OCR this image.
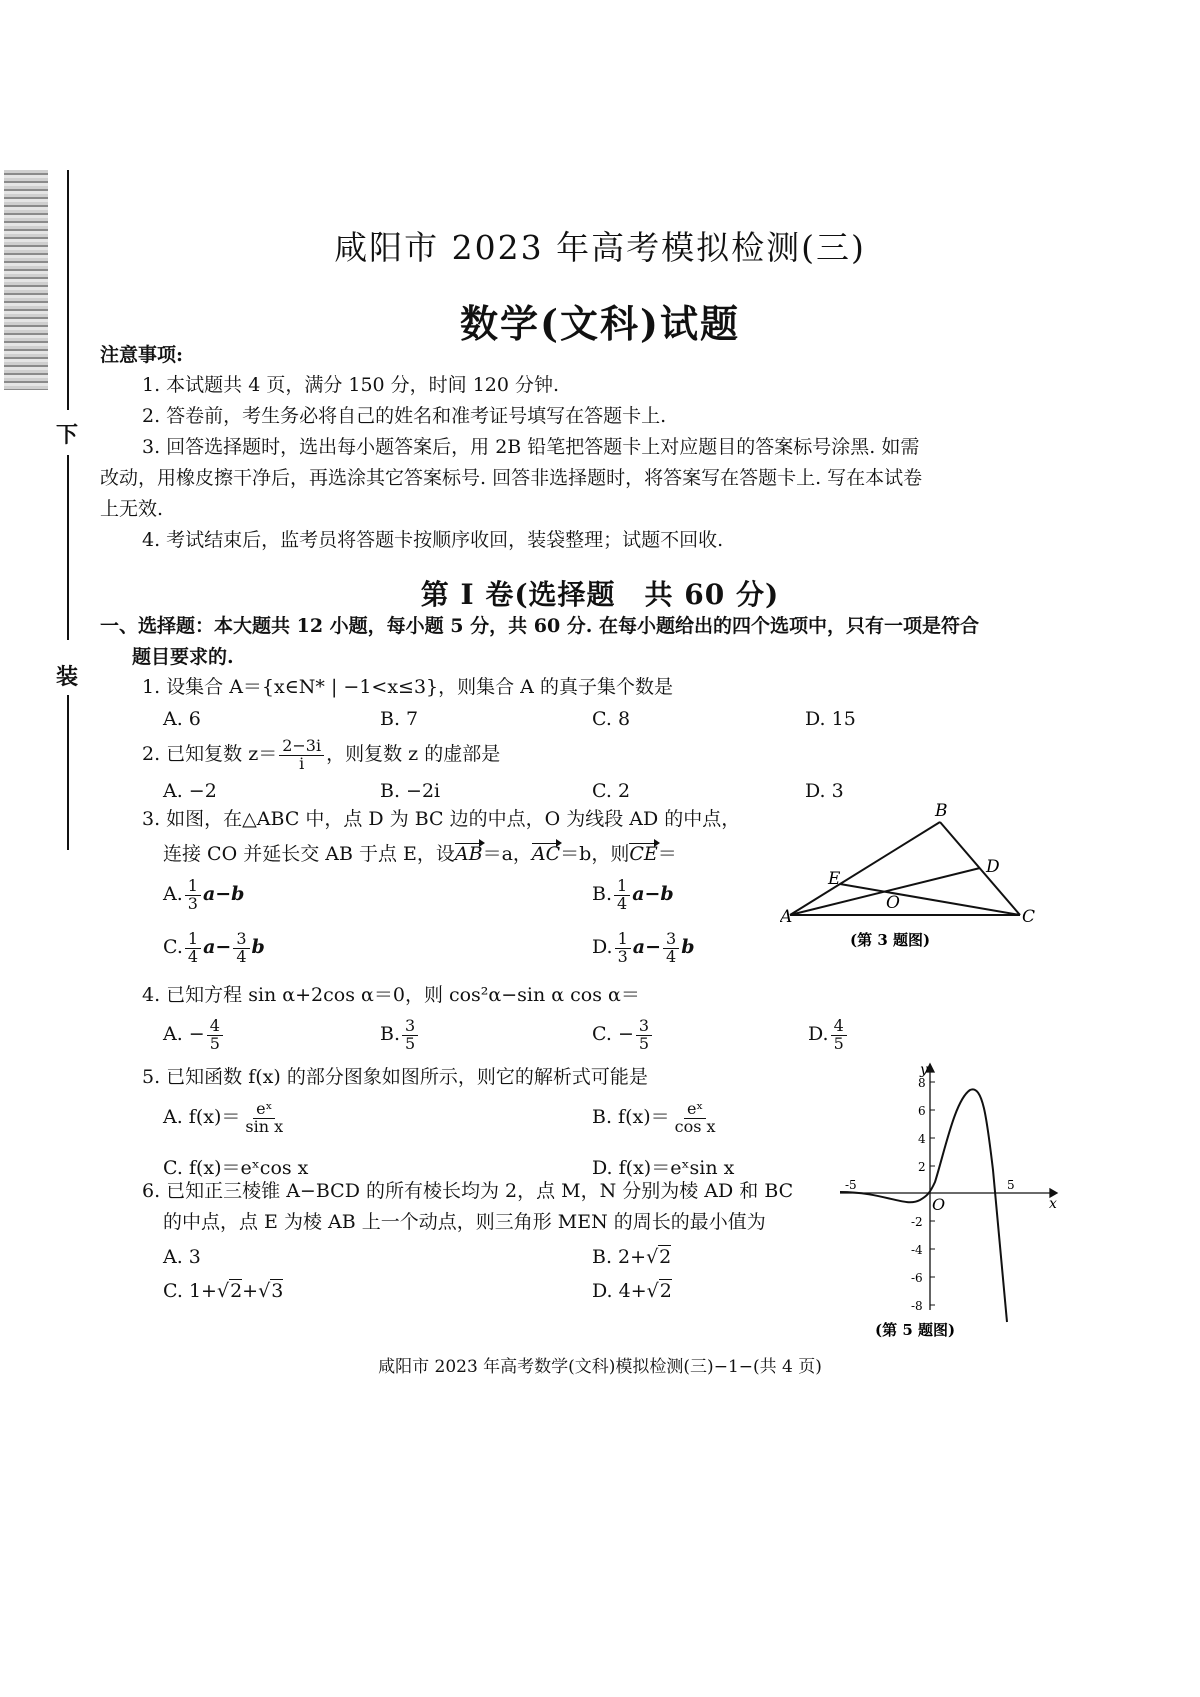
下
装
咸阳市 2023 年高考模拟检测(三)
数学(文科)试题
注意事项:
1. 本试题共 4 页，满分 150 分，时间 120 分钟.
2. 答卷前，考生务必将自己的姓名和准考证号填写在答题卡上.
3. 回答选择题时，选出每小题答案后，用 2B 铅笔把答题卡上对应题目的答案标号涂黑. 如需
改动，用橡皮擦干净后，再选涂其它答案标号. 回答非选择题时，将答案写在答题卡上. 写在本试卷
上无效.
4. 考试结束后，监考员将答题卡按顺序收回，装袋整理；试题不回收.
第 I 卷(选择题　共 60 分)
一、选择题：本大题共 12 小题，每小题 5 分，共 60 分. 在每小题给出的四个选项中，只有一项是符合
题目要求的.
1. 设集合 A＝{x∈N* | −1<x≤3}，则集合 A 的真子集个数是
A. 6	B. 7	C. 8	D. 15
2. 已知复数 $z= \frac{2-3i}{i}$ ，则复数 z 的虚部是
A. −2	B. −2i	C. 2	D. 3
3. 如图，在△ABC 中，点 D 为 BC 边的中点，O 为线段 AD 的中点，
连接 CO 并延长交 AB 于点 E，设AB＝a，AC＝b，则CE＝
A. $\frac{1}{3} a-b$	B. $\frac{1}{4} a-b$
C. $\frac{1}{4} a- \frac{3}{4}$ b	D. $\frac{1}{3} a- \frac{3}{4}$ b
B
D
E
O
A	C
(第 3 题图)
4. 已知方程 sin α+2cos α＝0，则 cos²α−sin α cos α＝
A. − $\frac{4}{5}$	B. $\frac{3}{5}$	C. − $\frac{3}{5}$	D. $\frac{4}{5}$
5. 已知函数 f(x) 的部分图象如图所示，则它的解析式可能是
A. $f(x)= \frac{\text{eˣ}}{\text{sin x}}$	B. $f(x)= \frac{\text{eˣ}}{\text{cos x}}$
C. f(x)＝eˣcos x	D. f(x)＝eˣsin x
y
x
O
8
6
4
2
-2
-4
-6
-8
-5	5
(第 5 题图)
6. 已知正三棱锥 A−BCD 的所有棱长均为 2，点 M，N 分别为棱 AD 和 BC
的中点，点 E 为棱 AB 上一个动点，则三角形 MEN 的周长的最小值为
A. 3	B. 2+√2
C. 1+√2+√3	D. 4+√2
咸阳市 2023 年高考数学(文科)模拟检测(三)−1−(共 4 页)
